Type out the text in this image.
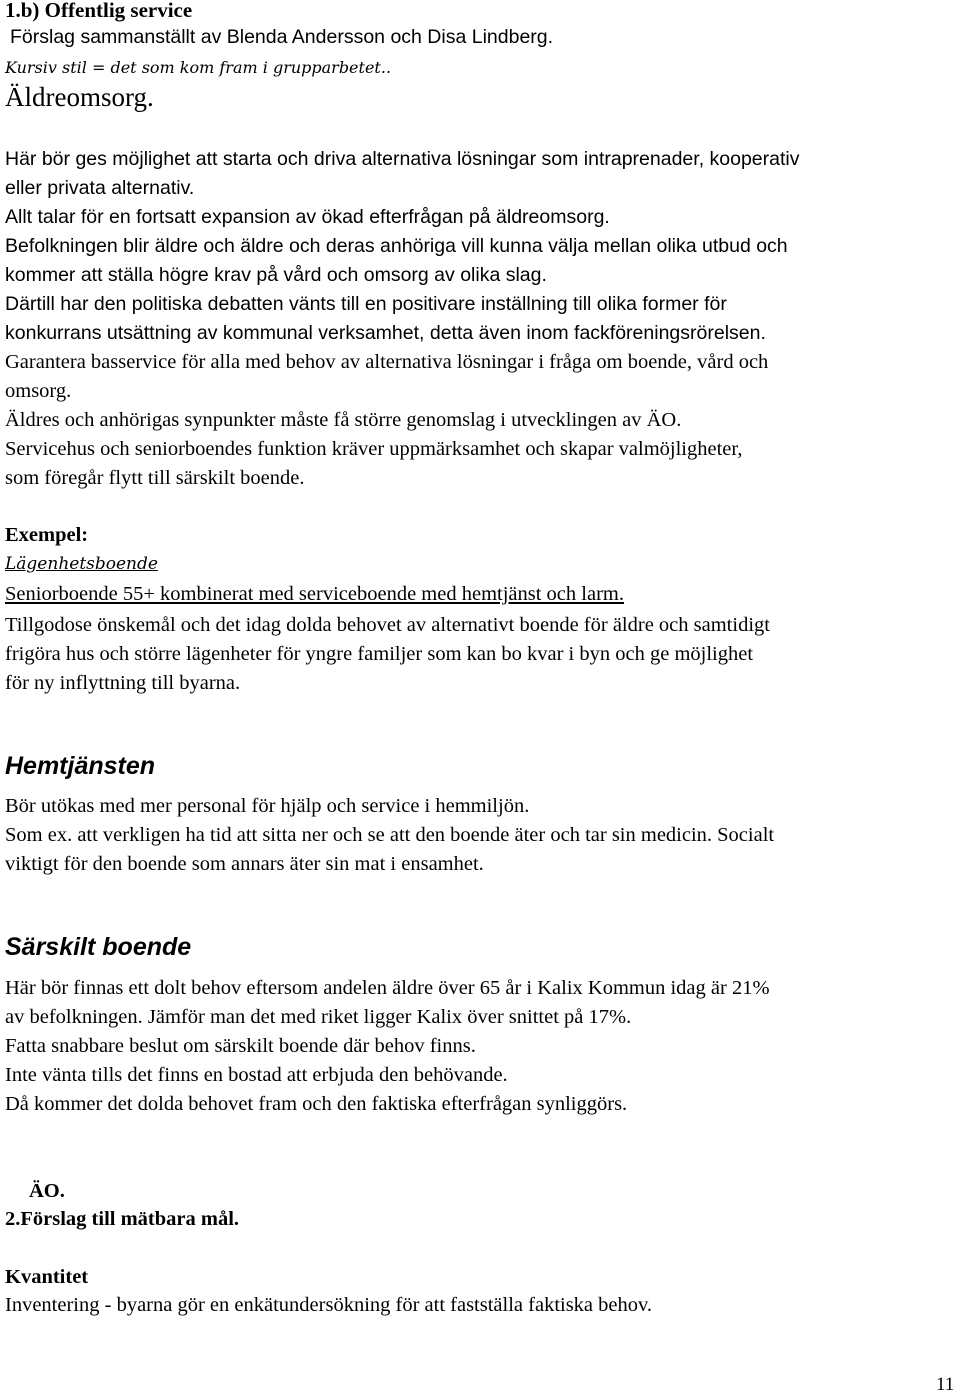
1.b) Offentlig service
Förslag sammanställt av Blenda Andersson och Disa Lindberg.
Kursiv stil = det som kom fram i grupparbetet..
Äldreomsorg.
Här bör ges möjlighet att starta och driva alternativa lösningar som intraprenader, kooperativ
eller privata alternativ.
Allt talar för en fortsatt expansion av ökad efterfrågan på äldreomsorg.
Befolkningen blir äldre och äldre och deras anhöriga vill kunna välja mellan olika utbud och
kommer att ställa högre krav på vård och omsorg av olika slag.
Därtill har den politiska debatten vänts till en positivare inställning till olika former för
konkurrans utsättning av kommunal verksamhet, detta även inom fackföreningsrörelsen.
Garantera basservice för alla med behov av alternativa lösningar i fråga om boende, vård och
omsorg.
Äldres och anhörigas synpunkter måste få större genomslag i utvecklingen av ÄO.
Servicehus och seniorboendes funktion kräver uppmärksamhet och skapar valmöjligheter,
som föregår flytt till särskilt boende.
Exempel:
Lägenhetsboende
Seniorboende 55+ kombinerat med serviceboende med hemtjänst och larm.
Tillgodose önskemål och det idag dolda behovet av alternativt boende för äldre och samtidigt
frigöra hus och större lägenheter för yngre familjer som kan bo kvar i byn och ge möjlighet
för ny inflyttning till byarna.
Hemtjänsten
Bör utökas med mer personal för hjälp och service i hemmiljön.
Som ex. att verkligen ha tid att sitta ner och se att den boende äter och tar sin medicin. Socialt
viktigt för den boende som annars äter sin mat i ensamhet.
Särskilt boende
Här bör finnas ett dolt behov eftersom andelen äldre över 65 år i Kalix Kommun idag är 21%
av befolkningen. Jämför man det med riket ligger Kalix över snittet på 17%.
Fatta snabbare beslut om särskilt boende där behov finns.
Inte vänta tills det finns en bostad att erbjuda den behövande.
Då kommer det dolda behovet fram och den faktiska efterfrågan synliggörs.
ÄO.
2.Förslag till mätbara mål.
Kvantitet
Inventering - byarna gör en enkätundersökning för att fastställa faktiska behov.
11
